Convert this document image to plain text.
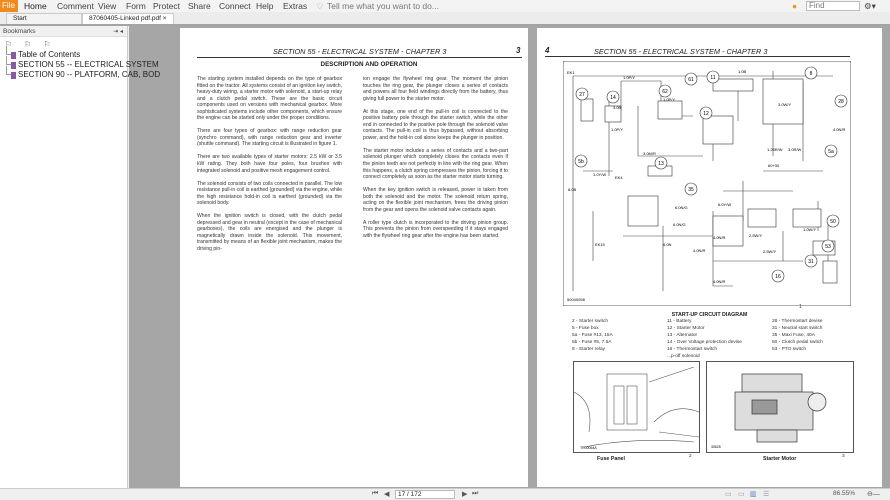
File	Home Comment View Form Protect Share Connect Help Extras ♡ Tell me what you want to do...	●	Find	⚙▾
Start	87060405-Linked pdf.pdf ×
Bookmarks	⇥ ◂
⚐ ⚐ ⚐
Table of Contents
SECTION 55 -- ELECTRICAL SYSTEM
SECTION 90 -- PLATFORM, CAB, BOD
SECTION 55 - ELECTRICAL SYSTEM - CHAPTER 3	3
DESCRIPTION AND OPERATION

The starting system installed depends on the type of gearbox fitted on the tractor. All systems consist of an ignition key switch, heavy-duty wiring, a starter motor with solenoid, a start-up relay and a clutch pedal switch. These are the basic circuit components used on versions with mechanical gearbox. More sophisticated systems include other components, which ensure the engine can be started only under the proper conditions.

There are four types of gearbox: with range reduction gear (synchro command), with range reduction gear and inverter (shuttle command). The starting circuit is illustrated in figure 1.

There are two available types of starter motors: 2.5 kW or 3.5 kW rating. They both have four poles, four brushes with integrated solenoid and positive mesh engagement control.

The solenoid consists of two coils connected in parallel. The low resistance pull-in coil is earthed (grounded) via the engine, while the high resistance hold-in coil is earthed (grounded) via the solenoid body.

When the ignition switch is closed, with the clutch pedal depressed and gear in neutral (except in the case of mechanical gearboxes), the coils are energised and the plunger is magnetically drawn inside the solenoid. This movement, transmitted by means of an flexible joint mechanism, makes the driving pin-

ion engage the flywheel ring gear. The moment the pinion touches the ring gear, the plunger closes a series of contacts and powers all four field windings directly from the battery, thus giving full power to the starter motor.

At this stage, one end of the pull-in coil is connected to the positive battery pole through the starter switch, while the other end in connected to the positive pole through the solenoid valve contacts. The pull-in coil is thus bypassed, without absorbing power, and the hold-in coil alone keeps the plunger in position.

The starter motor includes a series of contacts and a two-part solenoid plunger which completely closes the contacts even if the pinion teeth are not perfectly in line with the ring gear. When this happens, a clutch spring compresses the pinion, forcing it to connect completely as soon as the starter motor starts turning.

When the key ignition switch is released, power is taken from both the solenoid and the motor. The solenoid return spring, acting on the flexible joint mechanism, frees the driving pinion from the gear and opens the solenoid valve contacts again.

A roller type clutch is incorporated to the driving pinion group. This prevents the pinion from overspeeding if it stays engaged with the flywheel ring gear after the engine has been started.

4	SECTION 55 - ELECTRICAL SYSTEM - CHAPTER 3
27	14
62
61	11
12
13
8
28
5b
35
5a
50
16
31
53
EK1
1.0P/Y
1.0B
3.0B
1.0P/Y
1.0P/Y
3.0M/R
1.0Y/W
EK4
6.0N/G
6.0N
4.0N/R
2.5W/Y
1.0W/Y
EK15
6.0N/G
6.0Y/W
4.0N/R
4.0N/R
2.5W/Y
6.0B
3.0W/Y
1.25R/W 3.0R/W
4.0N/R
60+30
50040058
1
START-UP CIRCUIT DIAGRAM
2 - Starter switch
5 - Fuse box
5a - Fuse #13, 15A
5b - Fuse #5, 7.5A
8 - Starter relay
11 - Battery
12 - Starter Motor
13 - Alternator
14 - Over Voltage protection devise
16 - Thermostart switch
...p-off solenoid
28 - Thermostart devise
31 - Neutral start switch
35 - Maxi Fuse, 40A
50 - Clutch pedal switch
53 - PTO switch
TR00064A	30625
Fuse Panel	2	Starter Motor	3
⏮ ◀	17 / 172	▶ ⏭	▭ ▭ ▥ ☰	86.55% ⊖—
